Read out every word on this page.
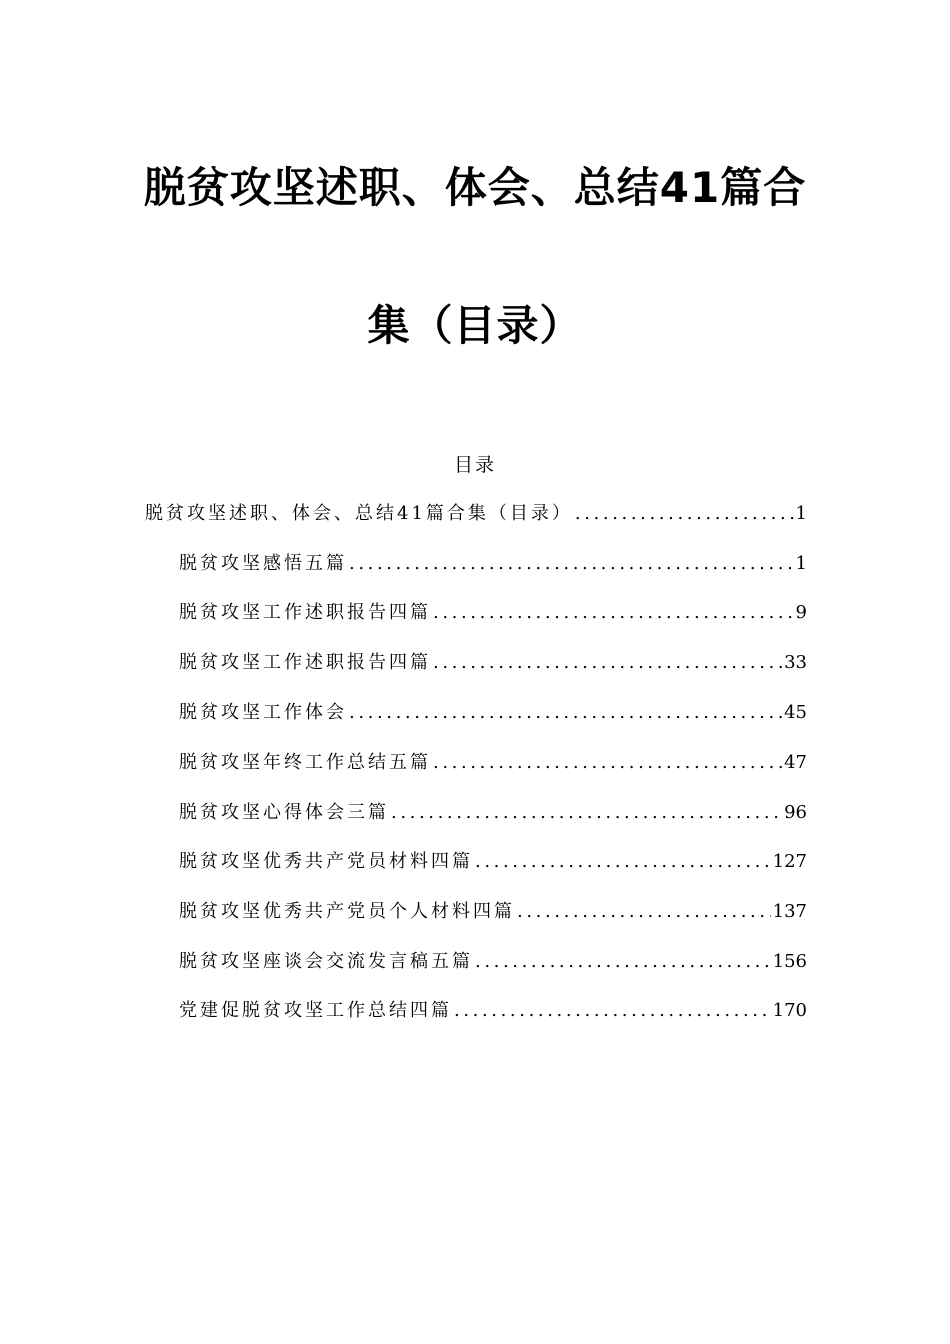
脱贫攻坚述职、体会、总结41篇合
集（目录）
目录
脱贫攻坚述职、体会、总结41篇合集（目录） .....	1
脱贫攻坚感悟五篇 .....	1
脱贫攻坚工作述职报告四篇 .....	9
脱贫攻坚工作述职报告四篇 .....	33
脱贫攻坚工作体会 .....	45
脱贫攻坚年终工作总结五篇 .....	47
脱贫攻坚心得体会三篇 .....	96
脱贫攻坚优秀共产党员材料四篇 .....	127
脱贫攻坚优秀共产党员个人材料四篇 .....	137
脱贫攻坚座谈会交流发言稿五篇 .....	156
党建促脱贫攻坚工作总结四篇 .....	170
